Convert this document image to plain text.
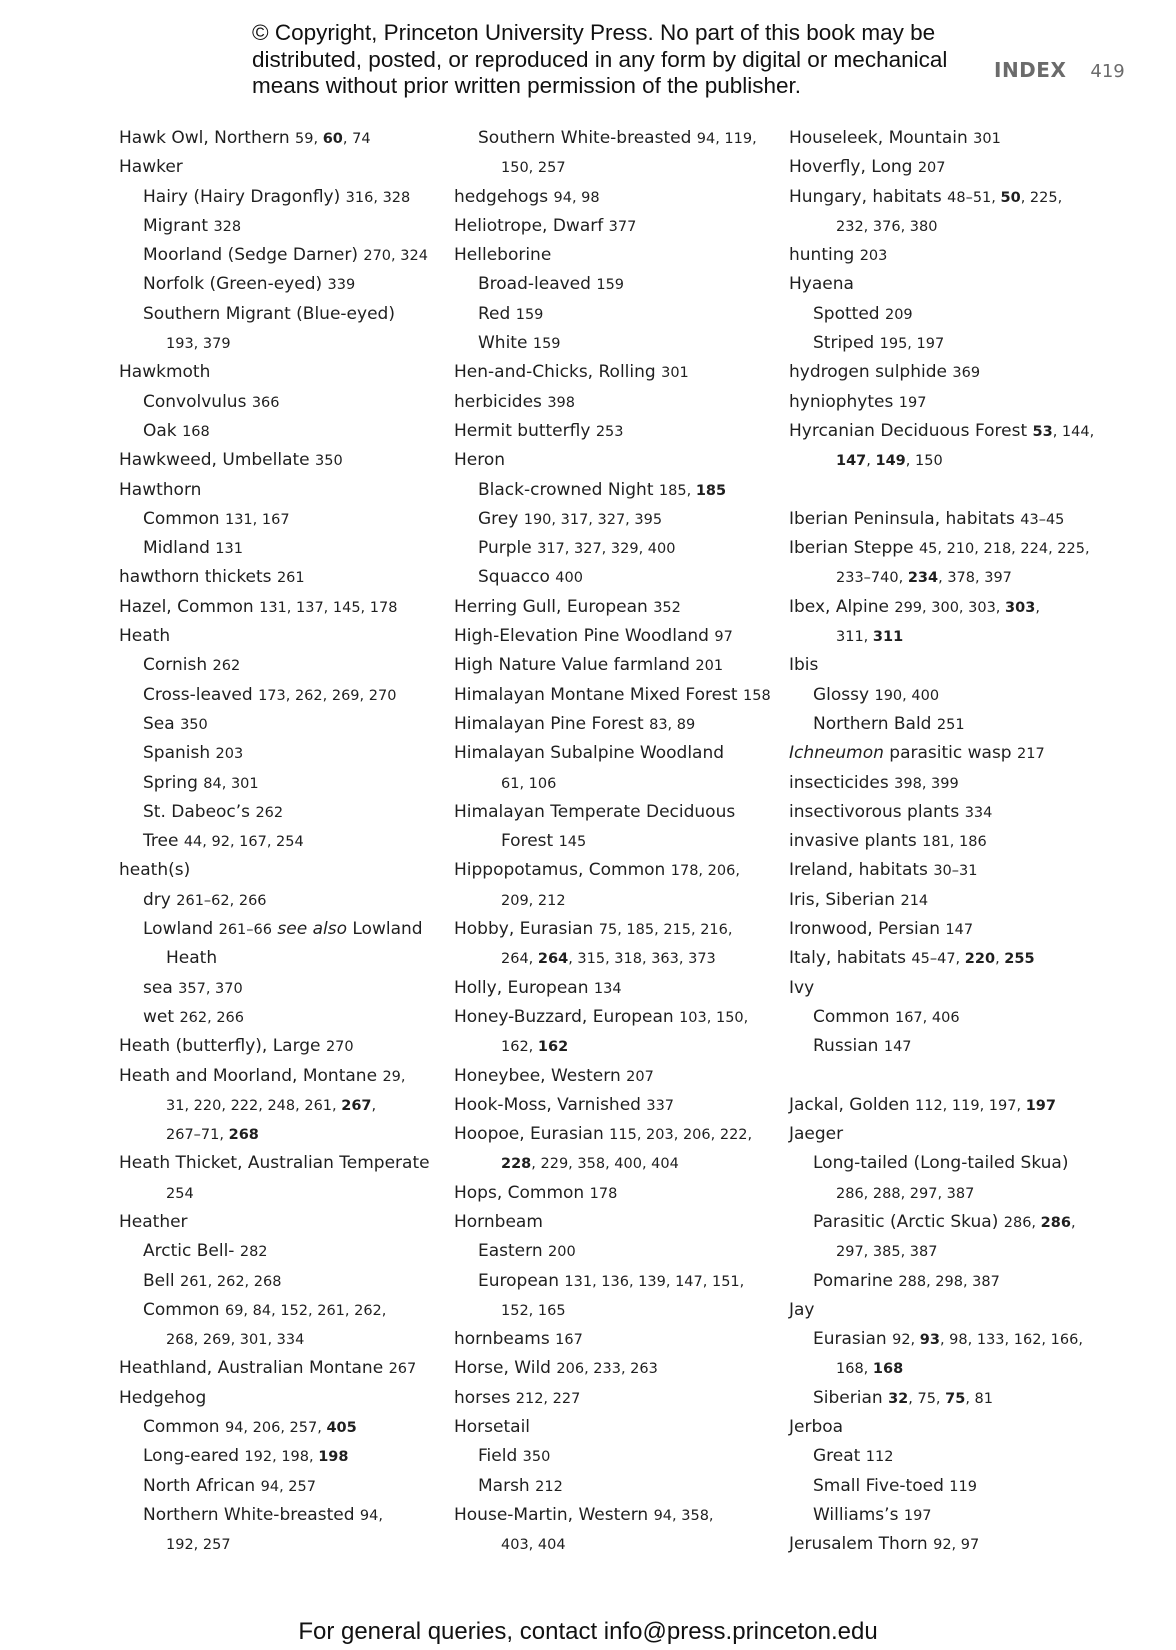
© Copyright, Princeton University Press. No part of this book may be
distributed, posted, or reproduced in any form by digital or mechanical
means without prior written permission of the publisher.
INDEX 419
Hawk Owl, Northern 59, 60, 74
Hawker
Hairy (Hairy Dragonfly) 316, 328
Migrant 328
Moorland (Sedge Darner) 270, 324
Norfolk (Green-eyed) 339
Southern Migrant (Blue-eyed)
193, 379
Hawkmoth
Convolvulus 366
Oak 168
Hawkweed, Umbellate 350
Hawthorn
Common 131, 167
Midland 131
hawthorn thickets 261
Hazel, Common 131, 137, 145, 178
Heath
Cornish 262
Cross-leaved 173, 262, 269, 270
Sea 350
Spanish 203
Spring 84, 301
St. Dabeoc’s 262
Tree 44, 92, 167, 254
heath(s)
dry 261–62, 266
Lowland 261–66 see also Lowland
Heath
sea 357, 370
wet 262, 266
Heath (butterfly), Large 270
Heath and Moorland, Montane 29,
31, 220, 222, 248, 261, 267,
267–71, 268
Heath Thicket, Australian Temperate
254
Heather
Arctic Bell- 282
Bell 261, 262, 268
Common 69, 84, 152, 261, 262,
268, 269, 301, 334
Heathland, Australian Montane 267
Hedgehog
Common 94, 206, 257, 405
Long-eared 192, 198, 198
North African 94, 257
Northern White-breasted 94,
192, 257
Southern White-breasted 94, 119,
150, 257
hedgehogs 94, 98
Heliotrope, Dwarf 377
Helleborine
Broad-leaved 159
Red 159
White 159
Hen-and-Chicks, Rolling 301
herbicides 398
Hermit butterfly 253
Heron
Black-crowned Night 185, 185
Grey 190, 317, 327, 395
Purple 317, 327, 329, 400
Squacco 400
Herring Gull, European 352
High-Elevation Pine Woodland 97
High Nature Value farmland 201
Himalayan Montane Mixed Forest 158
Himalayan Pine Forest 83, 89
Himalayan Subalpine Woodland
61, 106
Himalayan Temperate Deciduous
Forest 145
Hippopotamus, Common 178, 206,
209, 212
Hobby, Eurasian 75, 185, 215, 216,
264, 264, 315, 318, 363, 373
Holly, European 134
Honey-Buzzard, European 103, 150,
162, 162
Honeybee, Western 207
Hook-Moss, Varnished 337
Hoopoe, Eurasian 115, 203, 206, 222,
228, 229, 358, 400, 404
Hops, Common 178
Hornbeam
Eastern 200
European 131, 136, 139, 147, 151,
152, 165
hornbeams 167
Horse, Wild 206, 233, 263
horses 212, 227
Horsetail
Field 350
Marsh 212
House-Martin, Western 94, 358,
403, 404
Houseleek, Mountain 301
Hoverfly, Long 207
Hungary, habitats 48–51, 50, 225,
232, 376, 380
hunting 203
Hyaena
Spotted 209
Striped 195, 197
hydrogen sulphide 369
hyniophytes 197
Hyrcanian Deciduous Forest 53, 144,
147, 149, 150
Iberian Peninsula, habitats 43–45
Iberian Steppe 45, 210, 218, 224, 225,
233–740, 234, 378, 397
Ibex, Alpine 299, 300, 303, 303,
311, 311
Ibis
Glossy 190, 400
Northern Bald 251
Ichneumon parasitic wasp 217
insecticides 398, 399
insectivorous plants 334
invasive plants 181, 186
Ireland, habitats 30–31
Iris, Siberian 214
Ironwood, Persian 147
Italy, habitats 45–47, 220, 255
Ivy
Common 167, 406
Russian 147
Jackal, Golden 112, 119, 197, 197
Jaeger
Long-tailed (Long-tailed Skua)
286, 288, 297, 387
Parasitic (Arctic Skua) 286, 286,
297, 385, 387
Pomarine 288, 298, 387
Jay
Eurasian 92, 93, 98, 133, 162, 166,
168, 168
Siberian 32, 75, 75, 81
Jerboa
Great 112
Small Five-toed 119
Williams’s 197
Jerusalem Thorn 92, 97
For general queries, contact info@press.princeton.edu
